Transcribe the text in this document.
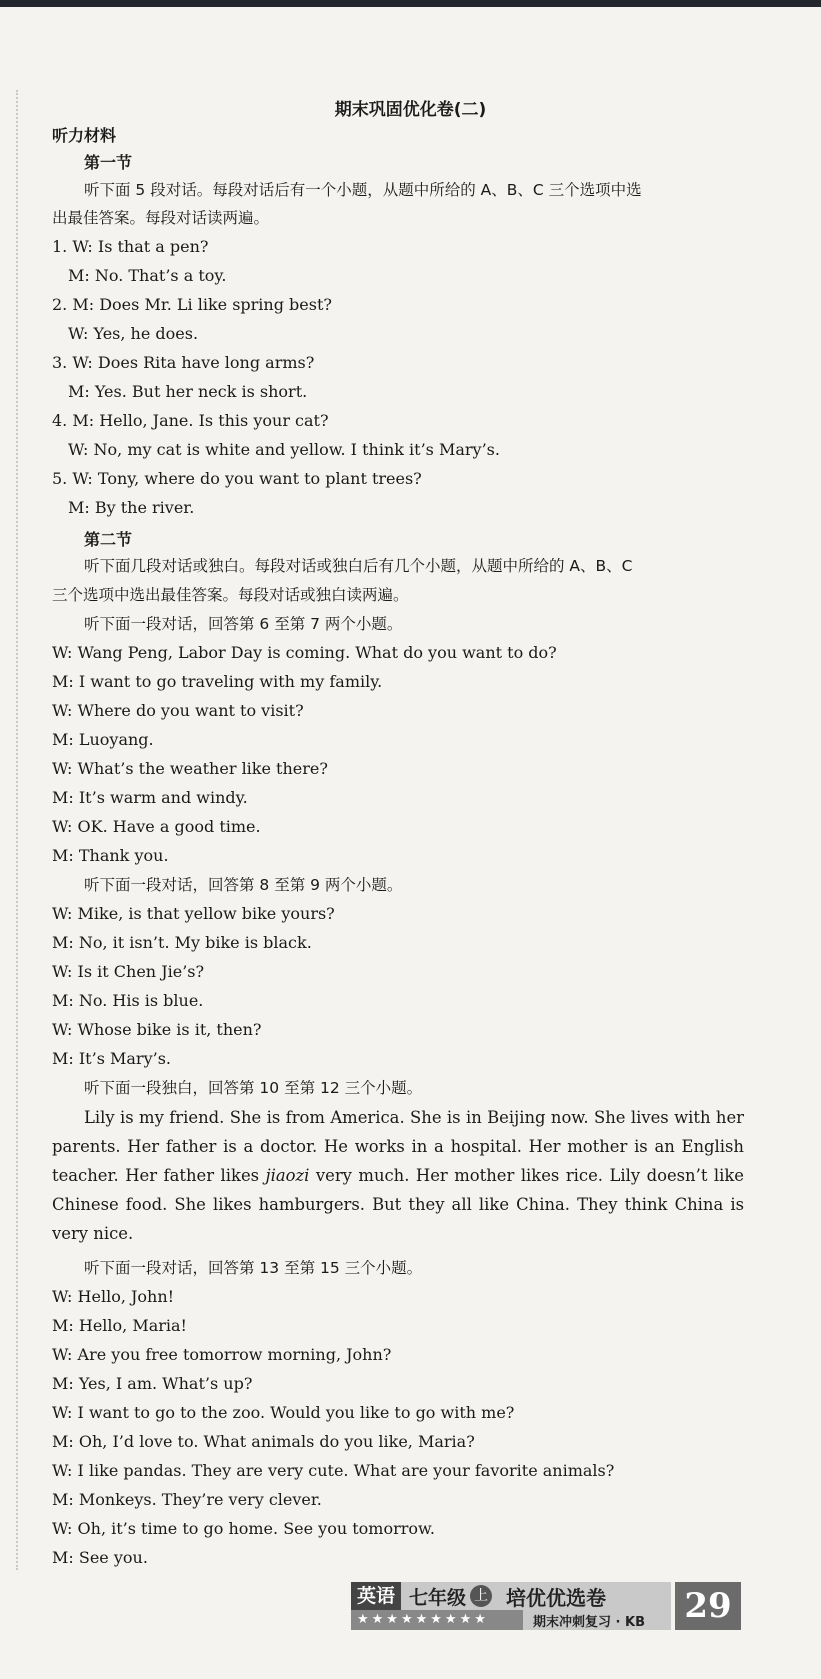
期末巩固优化卷(二)
听力材料
第一节
听下面 5 段对话。每段对话后有一个小题，从题中所给的 A、B、C 三个选项中选
出最佳答案。每段对话读两遍。
1. W: Is that a pen?
M: No. That’s a toy.
2. M: Does Mr. Li like spring best?
W: Yes, he does.
3. W: Does Rita have long arms?
M: Yes. But her neck is short.
4. M: Hello, Jane. Is this your cat?
W: No, my cat is white and yellow. I think it’s Mary’s.
5. W: Tony, where do you want to plant trees?
M: By the river.
第二节
听下面几段对话或独白。每段对话或独白后有几个小题，从题中所给的 A、B、C
三个选项中选出最佳答案。每段对话或独白读两遍。
听下面一段对话，回答第 6 至第 7 两个小题。
W: Wang Peng, Labor Day is coming. What do you want to do?
M: I want to go traveling with my family.
W: Where do you want to visit?
M: Luoyang.
W: What’s the weather like there?
M: It’s warm and windy.
W: OK. Have a good time.
M: Thank you.
听下面一段对话，回答第 8 至第 9 两个小题。
W: Mike, is that yellow bike yours?
M: No, it isn’t. My bike is black.
W: Is it Chen Jie’s?
M: No. His is blue.
W: Whose bike is it, then?
M: It’s Mary’s.
听下面一段独白，回答第 10 至第 12 三个小题。
Lily is my friend. She is from America. She is in Beijing now. She lives with her parents. Her father is a doctor. He works in a hospital. Her mother is an English teacher. Her father likes jiaozi very much. Her mother likes rice. Lily doesn’t like Chinese food. She likes hamburgers. But they all like China. They think China is very nice.
听下面一段对话，回答第 13 至第 15 三个小题。
W: Hello, John!
M: Hello, Maria!
W: Are you free tomorrow morning, John?
M: Yes, I am. What’s up?
W: I want to go to the zoo. Would you like to go with me?
M: Oh, I’d love to. What animals do you like, Maria?
W: I like pandas. They are very cute. What are your favorite animals?
M: Monkeys. They’re very clever.
W: Oh, it’s time to go home. See you tomorrow.
M: See you.
英语 七年级 上 培优优选卷
★★★★★★★★★	期末冲刺复习 · KB 29
